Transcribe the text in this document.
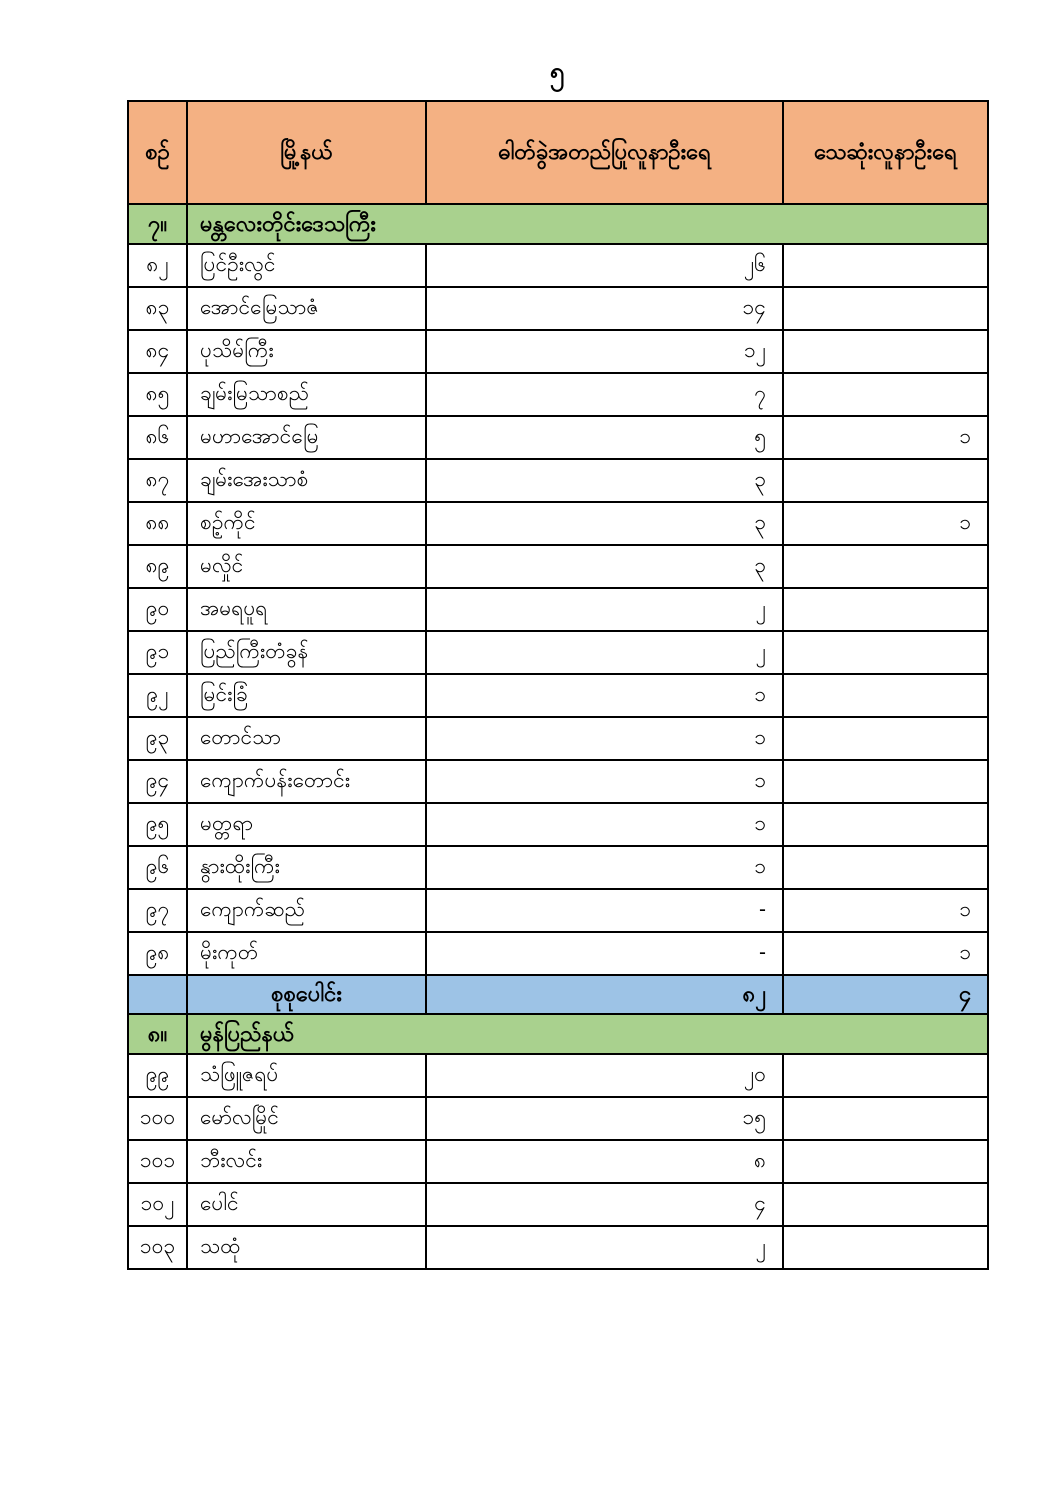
၅
စဉ်	မြို့နယ်	ဓါတ်ခွဲအတည်ပြုလူနာဦးရေ	သေဆုံးလူနာဦးရေ
၇။	မန္တလေးတိုင်းဒေသကြီး		
၈၂	ပြင်ဦးလွင်	၂၆	
၈၃	အောင်မြေသာဇံ	၁၄	
၈၄	ပုသိမ်ကြီး	၁၂	
၈၅	ချမ်းမြသာစည်	၇	
၈၆	မဟာအောင်မြေ	၅	၁
၈၇	ချမ်းအေးသာစံ	၃	
၈၈	စဉ့်ကိုင်	၃	၁
၈၉	မလှိုင်	၃	
၉၀	အမရပူရ	၂	
၉၁	ပြည်ကြီးတံခွန်	၂	
၉၂	မြင်းခြံ	၁	
၉၃	တောင်သာ	၁	
၉၄	ကျောက်ပန်းတောင်း	၁	
၉၅	မတ္တရာ	၁	
၉၆	နွားထိုးကြီး	၁	
၉၇	ကျောက်ဆည်	-	၁
၉၈	မိုးကုတ်	-	၁
	စုစုပေါင်း	၈၂	၄
၈။	မွန်ပြည်နယ်		
၉၉	သံဖြူဇရပ်	၂၀	
၁၀၀	မော်လမြိုင်	၁၅	
၁၀၁	ဘီးလင်း	၈	
၁၀၂	ပေါင်	၄	
၁၀၃	သထုံ	၂	
